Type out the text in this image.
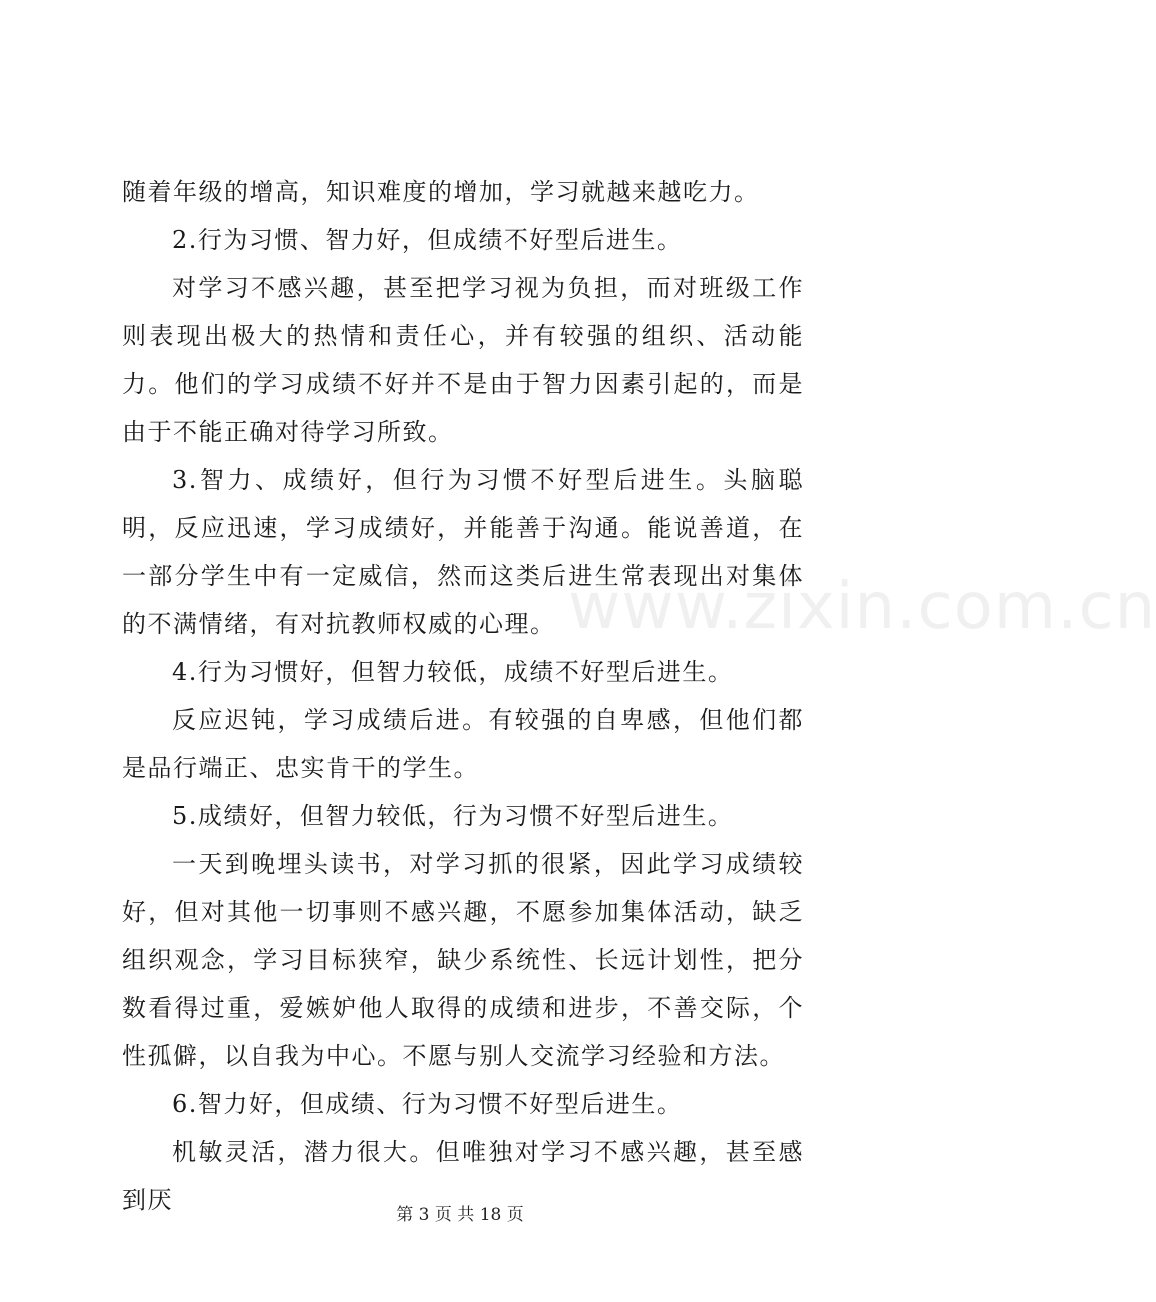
随着年级的增高，知识难度的增加，学习就越来越吃力。

2.行为习惯、智力好，但成绩不好型后进生。

对学习不感兴趣，甚至把学习视为负担，而对班级工作则表现出极大的热情和责任心，并有较强的组织、活动能力。他们的学习成绩不好并不是由于智力因素引起的，而是由于不能正确对待学习所致。

3.智力、成绩好，但行为习惯不好型后进生。头脑聪明，反应迅速，学习成绩好，并能善于沟通。能说善道，在一部分学生中有一定威信，然而这类后进生常表现出对集体的不满情绪，有对抗教师权威的心理。

4.行为习惯好，但智力较低，成绩不好型后进生。

反应迟钝，学习成绩后进。有较强的自卑感，但他们都是品行端正、忠实肯干的学生。

5.成绩好，但智力较低，行为习惯不好型后进生。

一天到晚埋头读书，对学习抓的很紧，因此学习成绩较好，但对其他一切事则不感兴趣，不愿参加集体活动，缺乏组织观念，学习目标狭窄，缺少系统性、长远计划性，把分数看得过重，爱嫉妒他人取得的成绩和进步，不善交际，个性孤僻，以自我为中心。不愿与别人交流学习经验和方法。

6.智力好，但成绩、行为习惯不好型后进生。

机敏灵活，潜力很大。但唯独对学习不感兴趣，甚至感到厌

www.zixin.com.cn
第 3 页 共 18 页
